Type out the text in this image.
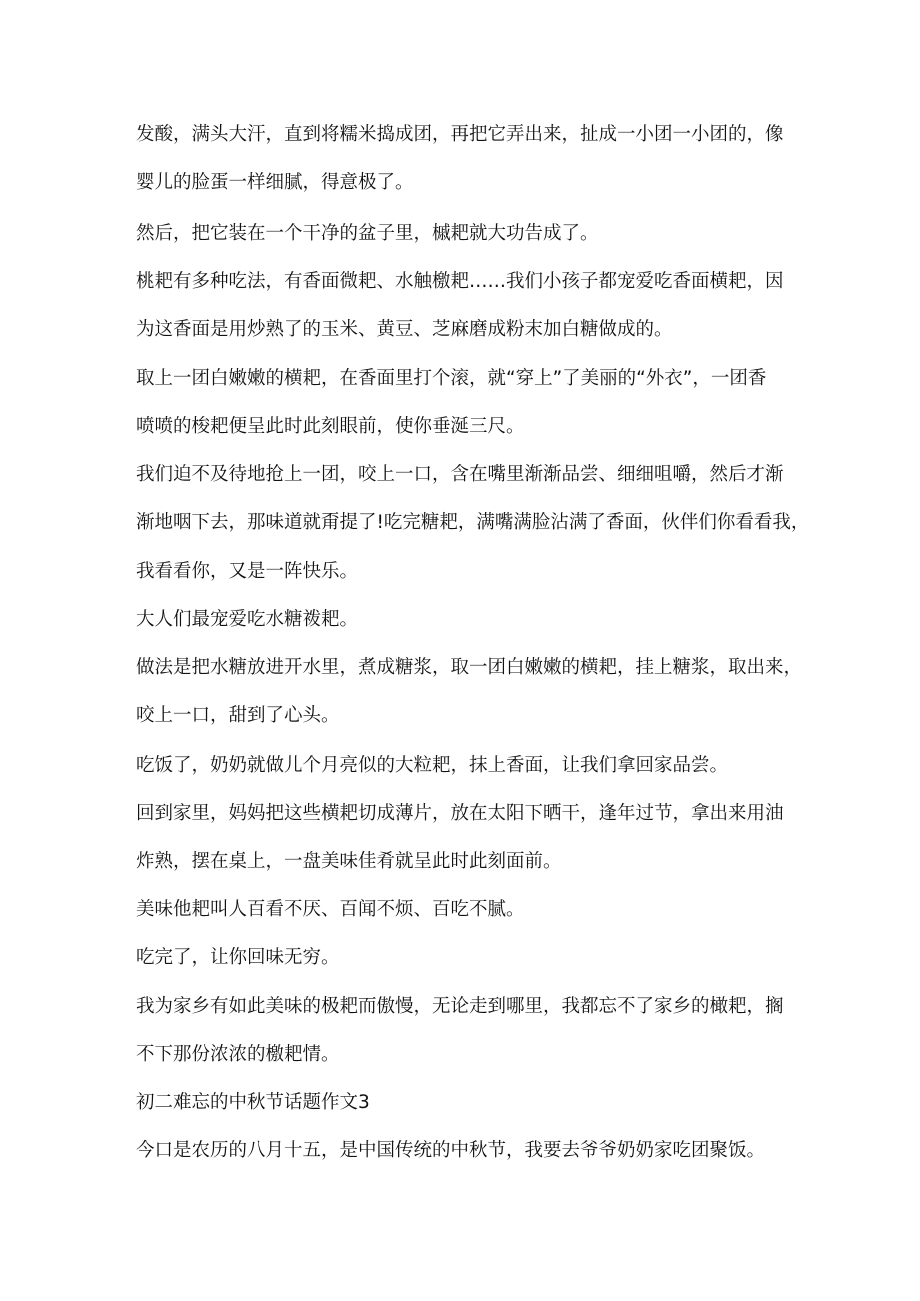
发酸，满头大汗，直到将糯米捣成团，再把它弄出来，扯成一小团一小团的，像

婴儿的脸蛋一样细腻，得意极了。

然后，把它装在一个干净的盆子里，槭耙就大功告成了。

桃耙有多种吃法，有香面微耙、水触檄耙……我们小孩子都宠爱吃香面横耙，因

为这香面是用炒熟了的玉米、黄豆、芝麻磨成粉末加白糖做成的。

取上一团白嫩嫩的横耙，在香面里打个滚，就“穿上”了美丽的“外衣”，一团香

喷喷的梭耙便呈此时此刻眼前，使你垂涎三尺。

我们迫不及待地抢上一团，咬上一口，含在嘴里渐渐品尝、细细咀嚼，然后才渐

渐地咽下去，那味道就甭提了!吃完糖耙，满嘴满脸沾满了香面，伙伴们你看看我，

我看看你，又是一阵快乐。

大人们最宠爱吃水糖袯耙。

做法是把水糖放进开水里，煮成糖浆，取一团白嫩嫩的横耙，挂上糖浆，取出来，

咬上一口，甜到了心头。

吃饭了，奶奶就做儿个月亮似的大粒耙，抹上香面，让我们拿回家品尝。

回到家里，妈妈把这些横耙切成薄片，放在太阳下晒干，逢年过节，拿出来用油

炸熟，摆在桌上，一盘美味佳肴就呈此时此刻面前。

美味他耙叫人百看不厌、百闻不烦、百吃不腻。

吃完了，让你回味无穷。

我为家乡有如此美味的极耙而傲慢，无论走到哪里，我都忘不了家乡的橄耙，搁

不下那份浓浓的檄耙情。

初二难忘的中秋节话题作文3

今口是农历的八月十五，是中国传统的中秋节，我要去爷爷奶奶家吃团聚饭。
